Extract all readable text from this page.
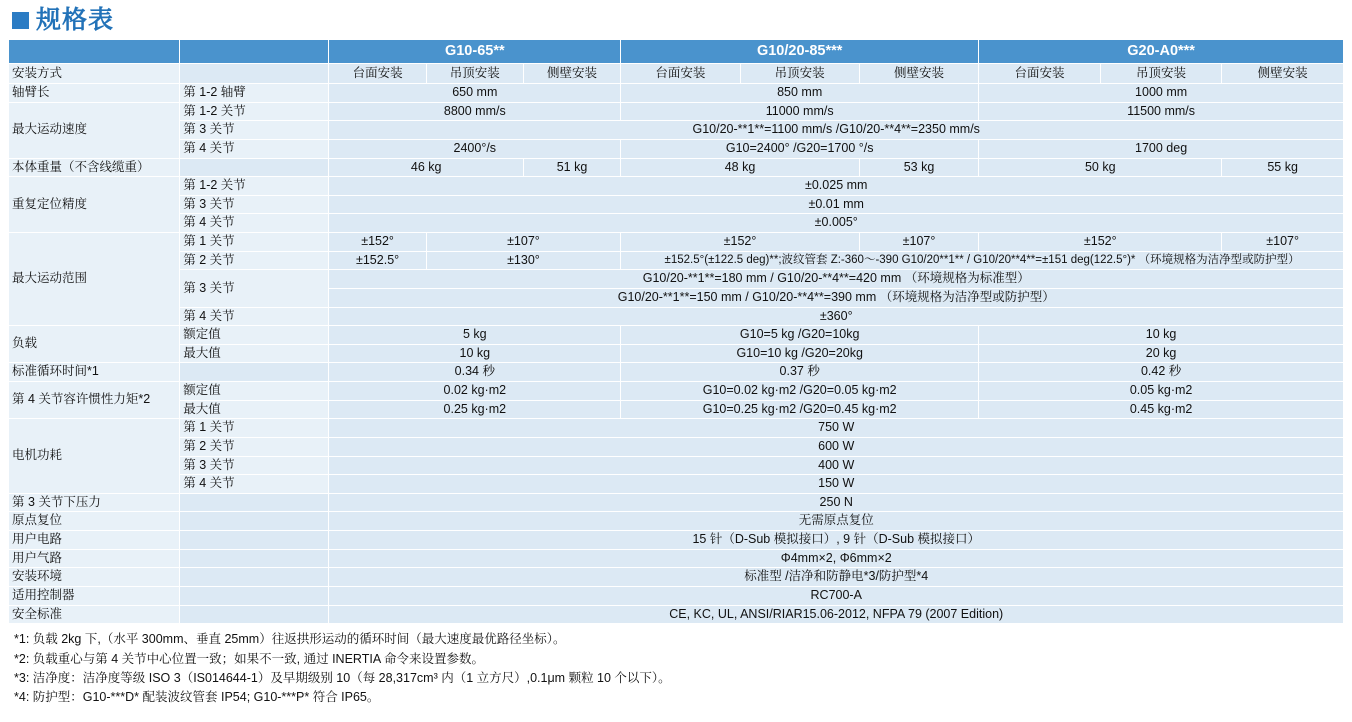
规格表
		G10-65**			G10/20-85***			G20-A0***		
安装方式		台面安装	吊顶安装	侧壁安装	台面安装	吊顶安装	侧壁安装	台面安装	吊顶安装	侧壁安装
轴臂长	第 1-2 轴臂	650 mm			850 mm			1000 mm		
最大运动速度	第 1-2 关节	8800 mm/s			11000 mm/s			11500 mm/s		
	第 3 关节	G10/20-**1**=1100 mm/s /G10/20-**4**=2350 mm/s								
	第 4 关节	2400°/s			G10=2400° /G20=1700 °/s			1700 deg		
本体重量（不含线缆重）		46 kg		51 kg	48 kg		53 kg	50 kg		55 kg
重复定位精度	第 1-2 关节	±0.025 mm								
	第 3 关节	±0.01 mm								
	第 4 关节	±0.005°								
最大运动范围	第 1 关节	±152°	±107°		±152°		±107°	±152°		±107°
	第 2 关节	±152.5°	±130°		±152.5°(±122.5 deg)**;波纹管套 Z:-360～-390 G10/20**1** / G10/20**4**=±151 deg(122.5°)* （环境规格为洁净型或防护型）					
	第 3 关节	G10/20-**1**=180 mm / G10/20-**4**=420 mm （环境规格为标准型）								
		G10/20-**1**=150 mm / G10/20-**4**=390 mm （环境规格为洁净型或防护型）								
	第 4 关节	±360°								
负载	额定值	5 kg			G10=5 kg /G20=10kg			10 kg		
	最大值	10 kg			G10=10 kg /G20=20kg			20 kg		
标准循环时间*1		0.34 秒			0.37 秒			0.42 秒		
第 4 关节容许惯性力矩*2	额定值	0.02 kg·m2			G10=0.02 kg·m2 /G20=0.05 kg·m2			0.05 kg·m2		
	最大值	0.25 kg·m2			G10=0.25 kg·m2 /G20=0.45 kg·m2			0.45 kg·m2		
电机功耗	第 1 关节	750 W								
	第 2 关节	600 W								
	第 3 关节	400 W								
	第 4 关节	150 W								
第 3 关节下压力		250 N								
原点复位		无需原点复位								
用户电路		15 针（D-Sub 模拟接口）, 9 针（D-Sub 模拟接口）								
用户气路		Φ4mm×2, Φ6mm×2								
安装环境		标准型 /洁净和防静电*3/防护型*4								
适用控制器		RC700-A								
安全标准		CE, KC, UL, ANSI/RIAR15.06-2012, NFPA 79 (2007 Edition)								
*1: 负载 2kg 下,（水平 300mm、垂直 25mm）往返拱形运动的循环时间（最大速度最优路径坐标）。
*2: 负载重心与第 4 关节中心位置一致；如果不一致, 通过 INERTIA 命令来设置参数。
*3: 洁净度：洁净度等级 ISO 3（IS014644-1）及早期级别 10（每 28,317cm³ 内（1 立方尺）,0.1μm 颗粒 10 个以下）。
*4: 防护型：G10-***D* 配装波纹管套 IP54; G10-***P* 符合 IP65。
